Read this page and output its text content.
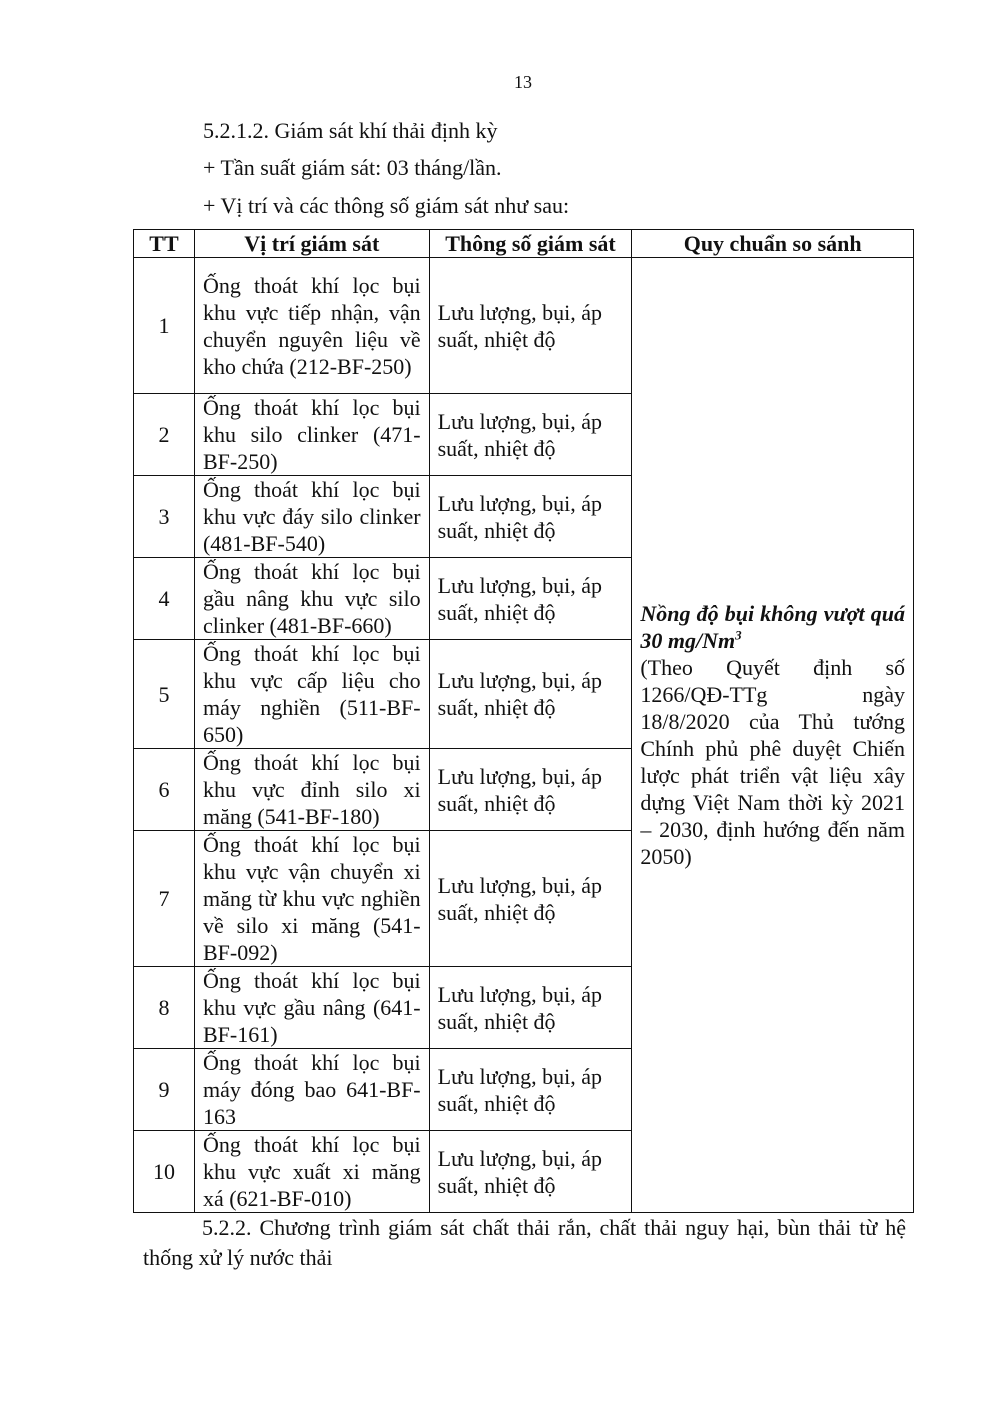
13
5.2.1.2. Giám sát khí thải định kỳ
+ Tần suất giám sát: 03 tháng/lần.
+ Vị trí và các thông số giám sát như sau:
TT	Vị trí giám sát	Thông số giám sát	Quy chuẩn so sánh
1	Ống thoát khí lọc bụi khu vực tiếp nhận, vận chuyển nguyên liệu về kho chứa (212-BF-250)	Lưu lượng, bụi, áp suất, nhiệt độ	Nồng độ bụi không vượt quá 30 mg/Nm$^3$
(Theo Quyết định số 1266/QĐ-TTg ngày 18/8/2020 của Thủ tướng Chính phủ phê duyệt Chiến lược phát triển vật liệu xây dựng Việt Nam thời kỳ 2021 – 2030, định hướng đến năm 2050)

2	Ống thoát khí lọc bụi khu silo clinker (471-BF-250)	Lưu lượng, bụi, áp suất, nhiệt độ	
3	Ống thoát khí lọc bụi khu vực đáy silo clinker (481-BF-540)	Lưu lượng, bụi, áp suất, nhiệt độ	
4	Ống thoát khí lọc bụi gầu nâng khu vực silo clinker (481-BF-660)	Lưu lượng, bụi, áp suất, nhiệt độ	
5	Ống thoát khí lọc bụi khu vực cấp liệu cho máy nghiền (511-BF-650)	Lưu lượng, bụi, áp suất, nhiệt độ	
6	Ống thoát khí lọc bụi khu vực đỉnh silo xi măng (541-BF-180)	Lưu lượng, bụi, áp suất, nhiệt độ	
7	Ống thoát khí lọc bụi khu vực vận chuyển xi măng từ khu vực nghiền về silo xi măng (541-BF-092)	Lưu lượng, bụi, áp suất, nhiệt độ	
8	Ống thoát khí lọc bụi khu vực gầu nâng (641-BF-161)	Lưu lượng, bụi, áp suất, nhiệt độ	
9	Ống thoát khí lọc bụi máy đóng bao 641-BF-163	Lưu lượng, bụi, áp suất, nhiệt độ	
10	Ống thoát khí lọc bụi khu vực xuất xi măng xá (621-BF-010)	Lưu lượng, bụi, áp suất, nhiệt độ	
5.2.2. Chương trình giám sát chất thải rắn, chất thải nguy hại, bùn thải từ hệ thống xử lý nước thải
